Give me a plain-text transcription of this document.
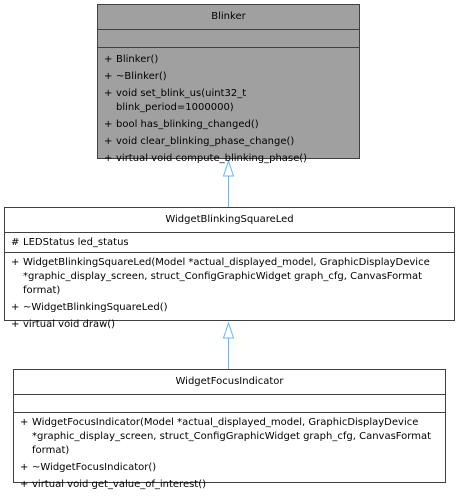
Blinker
+ Blinker()
+ ~Blinker()
+ void set_blink_us(uint32_t blink_period=1000000)
+ bool has_blinking_changed()
+ void clear_blinking_phase_change()
+ virtual void compute_blinking_phase()
WidgetBlinkingSquareLed
# LEDStatus led_status
+ WidgetBlinkingSquareLed(Model *actual_displayed_model, GraphicDisplayDevice *graphic_display_screen, struct_ConfigGraphicWidget graph_cfg, CanvasFormat format)
+ ~WidgetBlinkingSquareLed()
+ virtual void draw()
WidgetFocusIndicator
+ WidgetFocusIndicator(Model *actual_displayed_model, GraphicDisplayDevice *graphic_display_screen, struct_ConfigGraphicWidget graph_cfg, CanvasFormat format)
+ ~WidgetFocusIndicator()
+ virtual void get_value_of_interest()
